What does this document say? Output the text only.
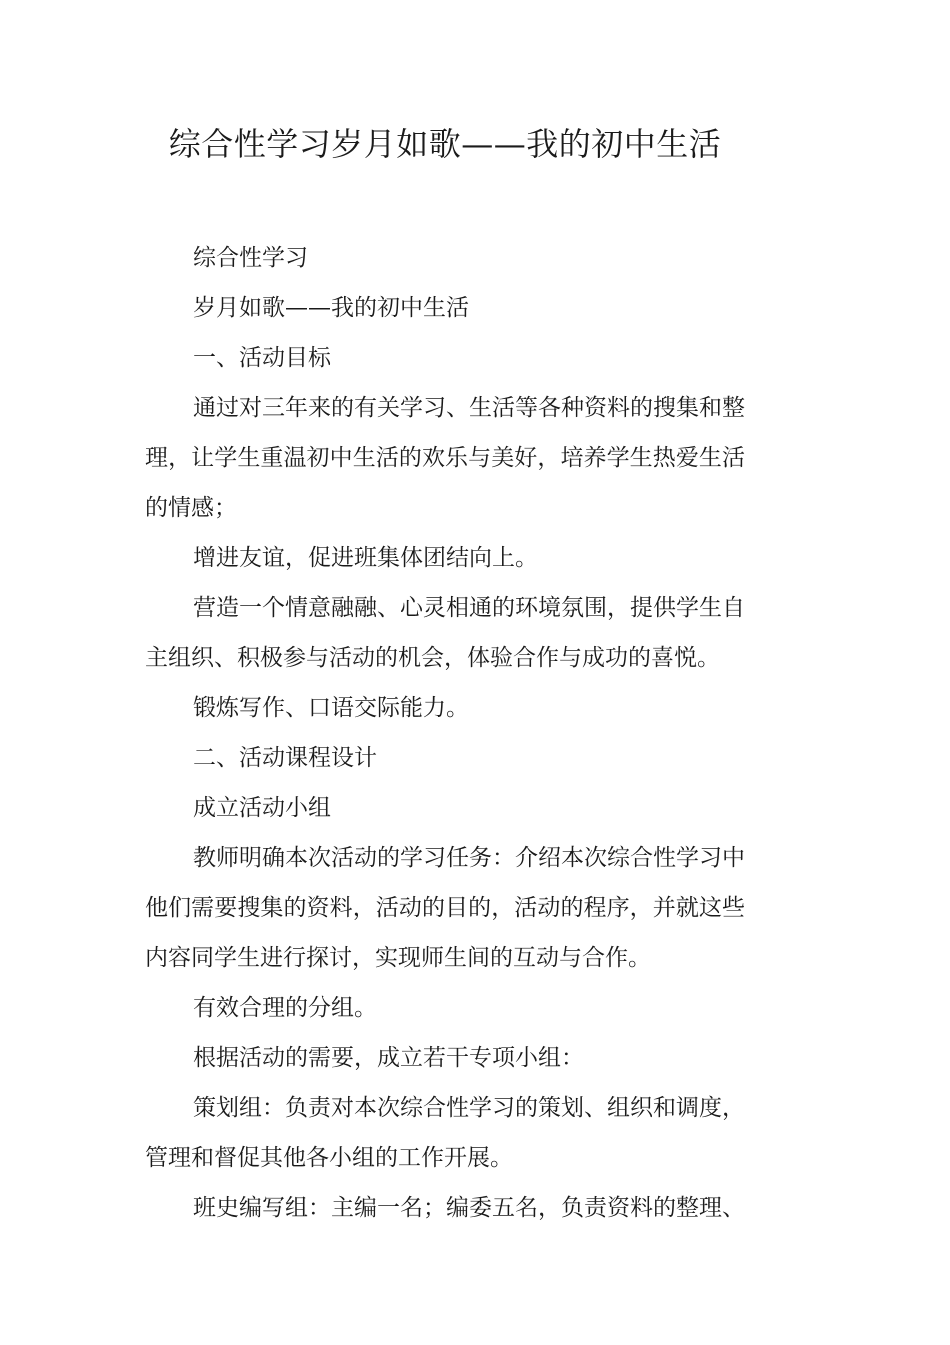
综合性学习岁月如歌——我的初中生活

综合性学习

岁月如歌——我的初中生活

一、活动目标

通过对三年来的有关学习、生活等各种资料的搜集和整理，让学生重温初中生活的欢乐与美好，培养学生热爱生活的情感；

增进友谊，促进班集体团结向上。

营造一个情意融融、心灵相通的环境氛围，提供学生自主组织、积极参与活动的机会，体验合作与成功的喜悦。

锻炼写作、口语交际能力。

二、活动课程设计

成立活动小组

教师明确本次活动的学习任务：介绍本次综合性学习中他们需要搜集的资料，活动的目的，活动的程序，并就这些内容同学生进行探讨，实现师生间的互动与合作。

有效合理的分组。

根据活动的需要，成立若干专项小组：

策划组：负责对本次综合性学习的策划、组织和调度，管理和督促其他各小组的工作开展。

班史编写组：主编一名；编委五名，负责资料的整理、
